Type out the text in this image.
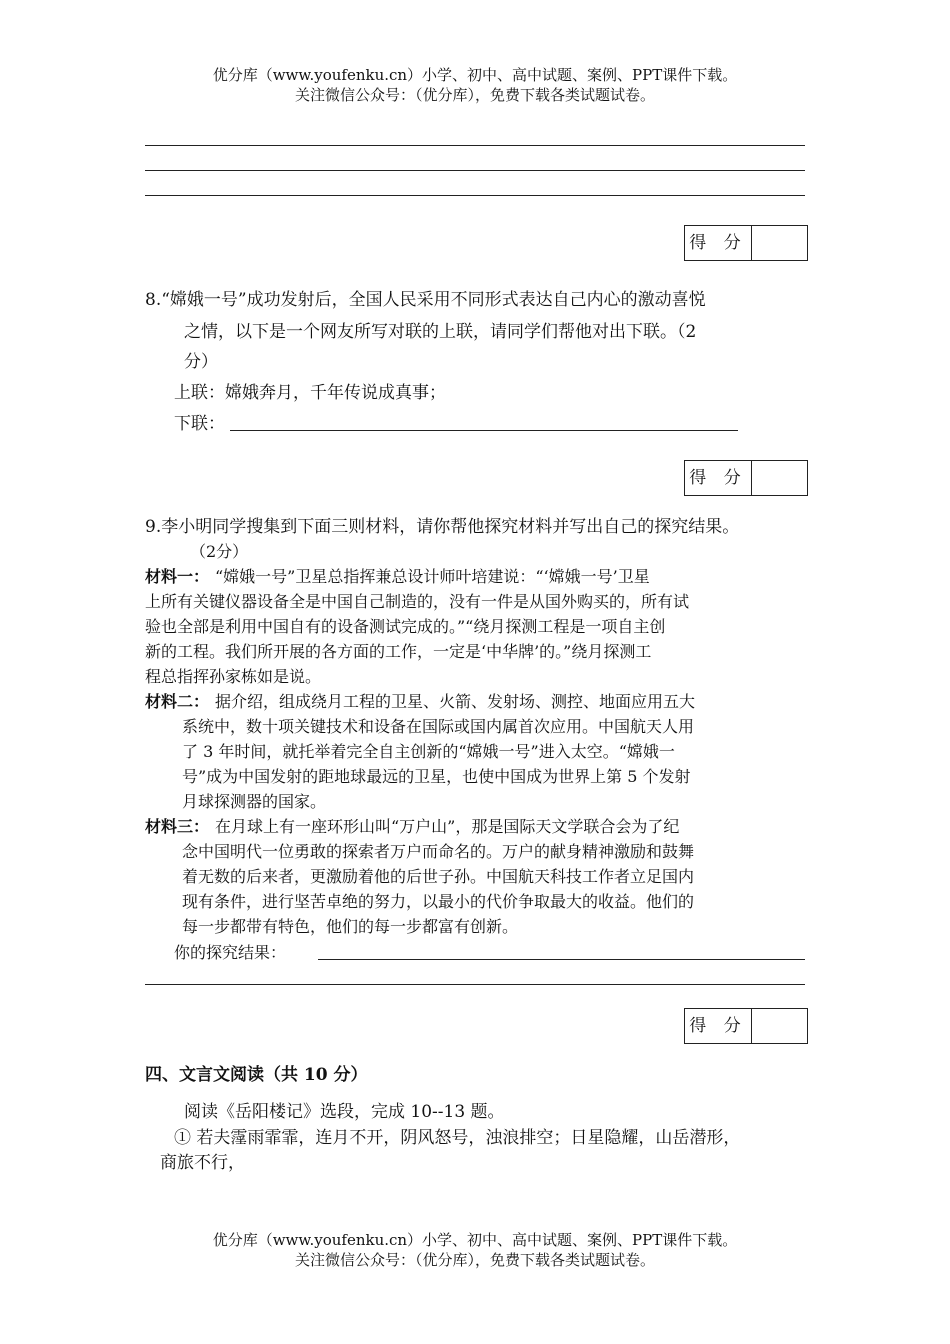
优分库（www.youfenku.cn）小学、初中、高中试题、案例、PPT课件下载。
关注微信公众号：（优分库），免费下载各类试题试卷。
得 分
8.“嫦娥一号”成功发射后，全国人民采用不同形式表达自己内心的激动喜悦
之情，以下是一个网友所写对联的上联，请同学们帮他对出下联。（2
分）
上联：嫦娥奔月，千年传说成真事；
下联：
得 分
9.李小明同学搜集到下面三则材料，请你帮他探究材料并写出自己的探究结果。
（2分）
材料一： “嫦娥一号”卫星总指挥兼总设计师叶培建说：“‘嫦娥一号’卫星
上所有关键仪器设备全是中国自己制造的，没有一件是从国外购买的，所有试
验也全部是利用中国自有的设备测试完成的。”“绕月探测工程是一项自主创
新的工程。我们所开展的各方面的工作，一定是‘中华牌’的。”绕月探测工
程总指挥孙家栋如是说。
材料二： 据介绍，组成绕月工程的卫星、火箭、发射场、测控、地面应用五大
系统中，数十项关键技术和设备在国际或国内属首次应用。中国航天人用
了 3 年时间，就托举着完全自主创新的“嫦娥一号”进入太空。“嫦娥一
号”成为中国发射的距地球最远的卫星，也使中国成为世界上第 5 个发射
月球探测器的国家。
材料三： 在月球上有一座环形山叫“万户山”，那是国际天文学联合会为了纪
念中国明代一位勇敢的探索者万户而命名的。万户的献身精神激励和鼓舞
着无数的后来者，更激励着他的后世子孙。中国航天科技工作者立足国内
现有条件，进行坚苦卓绝的努力，以最小的代价争取最大的收益。他们的
每一步都带有特色，他们的每一步都富有创新。
你的探究结果：
得 分
四、文言文阅读（共 10 分）
阅读《岳阳楼记》选段，完成 10--13 题。
① 若夫霪雨霏霏，连月不开，阴风怒号，浊浪排空；日星隐耀，山岳潜形，
商旅不行，
优分库（www.youfenku.cn）小学、初中、高中试题、案例、PPT课件下载。
关注微信公众号：（优分库），免费下载各类试题试卷。
